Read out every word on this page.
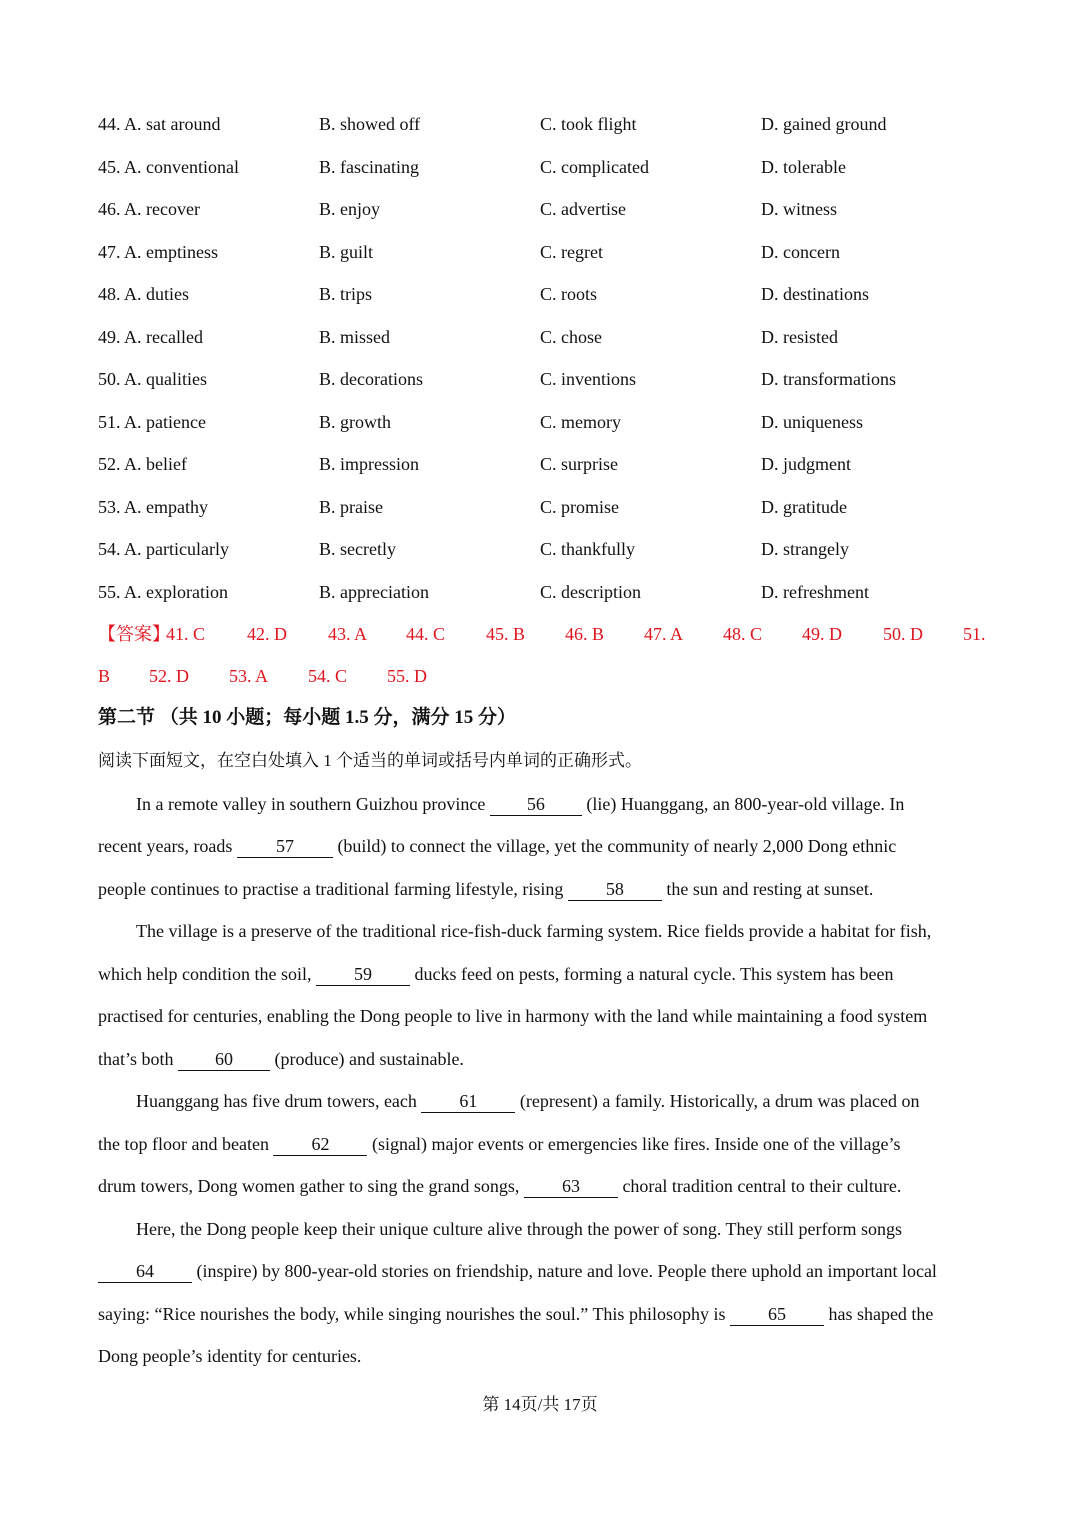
44. A. sat around	B. showed off	C. took flight	D. gained ground
45. A. conventional	B. fascinating	C. complicated	D. tolerable
46. A. recover	B. enjoy	C. advertise	D. witness
47. A. emptiness	B. guilt	C. regret	D. concern
48. A. duties	B. trips	C. roots	D. destinations
49. A. recalled	B. missed	C. chose	D. resisted
50. A. qualities	B. decorations	C. inventions	D. transformations
51. A. patience	B. growth	C. memory	D. uniqueness
52. A. belief	B. impression	C. surprise	D. judgment
53. A. empathy	B. praise	C. promise	D. gratitude
54. A. particularly	B. secretly	C. thankfully	D. strangely
55. A. exploration	B. appreciation	C. description	D. refreshment
【答案】
41. C 42. D 43. A 44. C 45. B 46. B 47. A 48. C 49. D 50. D 51.
B 52. D 53. A 54. C 55. D
第二节 （共 10 小题；每小题 1.5 分，满分 15 分）
阅读下面短文，在空白处填入 1 个适当的单词或括号内单词的正确形式。
In a remote valley in southern Guizhou province 56 (lie) Huanggang, an 800-year-old village. In
recent years, roads 57 (build) to connect the village, yet the community of nearly 2,000 Dong ethnic
people continues to practise a traditional farming lifestyle, rising 58 the sun and resting at sunset.
The village is a preserve of the traditional rice-fish-duck farming system. Rice fields provide a habitat for fish,
which help condition the soil, 59 ducks feed on pests, forming a natural cycle. This system has been
practised for centuries, enabling the Dong people to live in harmony with the land while maintaining a food system
that’s both 60 (produce) and sustainable.
Huanggang has five drum towers, each 61 (represent) a family. Historically, a drum was placed on
the top floor and beaten 62 (signal) major events or emergencies like fires. Inside one of the village’s
drum towers, Dong women gather to sing the grand songs, 63 choral tradition central to their culture.
Here, the Dong people keep their unique culture alive through the power of song. They still perform songs
64 (inspire) by 800-year-old stories on friendship, nature and love. People there uphold an important local
saying: “Rice nourishes the body, while singing nourishes the soul.” This philosophy is 65 has shaped the
Dong people’s identity for centuries.
第 14页/共 17页
